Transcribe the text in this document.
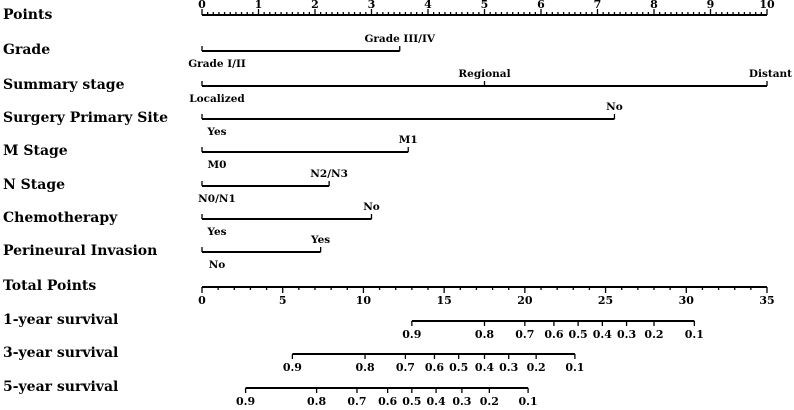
Points
0	1	2	3	4	5	6	7	8	9	10
Grade
Grade I/II
Grade III/IV
Summary stage
Localized
Regional	Distant
Surgery Primary Site
Yes
No
M Stage
M0
M1
N Stage
N0/N1
N2/N3
Chemotherapy
Yes
No
Perineural Invasion
No
Yes
Total Points
0	5	10	15	20	25	30	35
1-year survival
0.9	0.8 0.7 0.6 0.5 0.4 0.3 0.2 0.1
3-year survival
0.9	0.8 0.7 0.6 0.5 0.4 0.3 0.2 0.1
5-year survival
0.9	0.8 0.7 0.6 0.5 0.4 0.3 0.2 0.1
